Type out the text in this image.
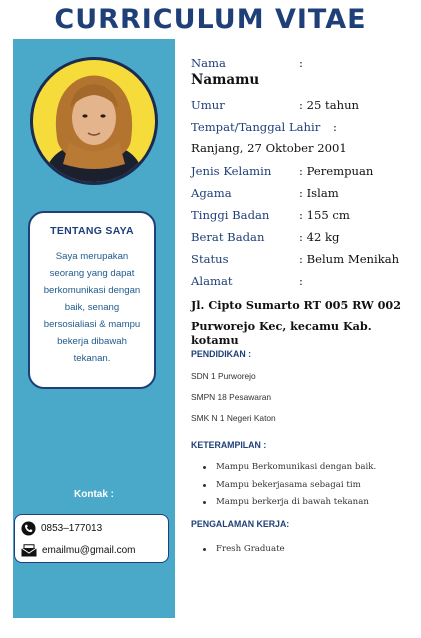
CURRICULUM VITAE
TENTANG SAYA
Saya merupakan seorang yang dapat berkomunikasi dengan baik, senang bersosialiasi & mampu bekerja dibawah tekanan.
Kontak :
0853–177013
emailmu@gmail.com
Nama	:
Namamu
Umur	: 25 tahun
Tempat/Tanggal Lahir :
Ranjang, 27 Oktober 2001
Jenis Kelamin : Perempuan
Agama	: Islam
Tinggi Badan	: 155 cm
Berat Badan	: 42 kg
Status	: Belum Menikah
Alamat	:
Jl. Cipto Sumarto RT 005 RW 002
Purworejo Kec, kecamu Kab. kotamu
PENDIDIKAN :
SDN 1 Purworejo
SMPN 18 Pesawaran
SMK N 1 Negeri Katon
KETERAMPILAN :
Mampu Berkomunikasi dengan baik.
Mampu bekerjasama sebagai tim
Mampu berkerja di bawah tekanan
PENGALAMAN KERJA:
Fresh Graduate
